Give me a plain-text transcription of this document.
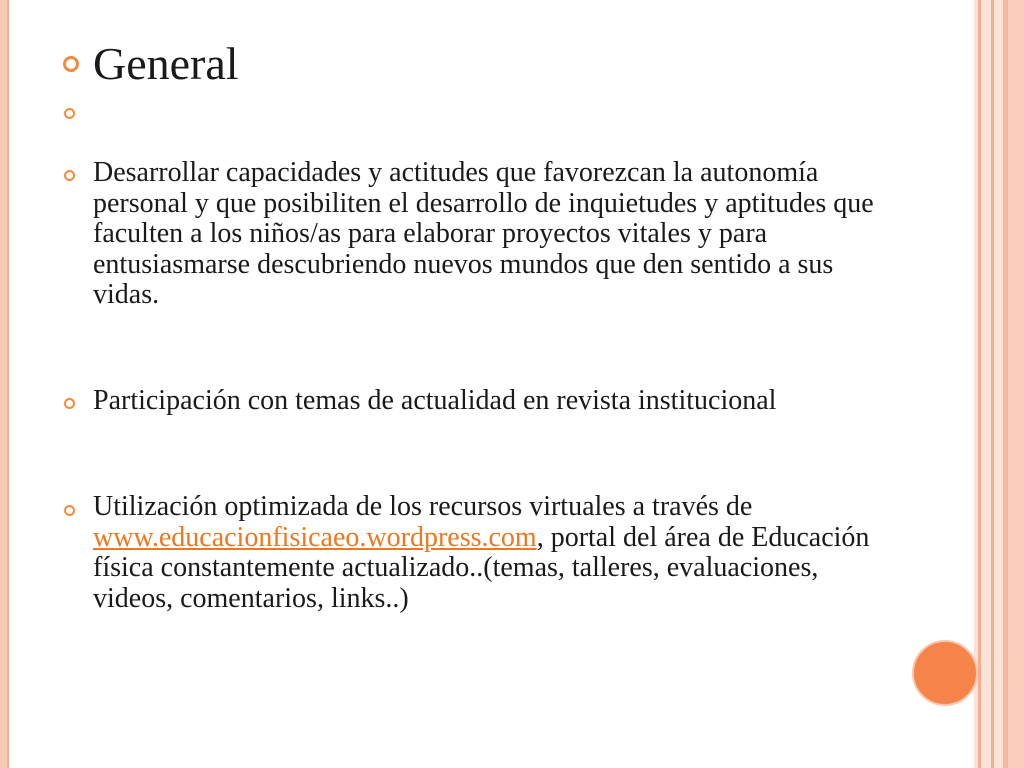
General
Desarrollar capacidades y actitudes que favorezcan la autonomía personal y que posibiliten el desarrollo de inquietudes y aptitudes que faculten a los niños/as para elaborar proyectos vitales y para entusiasmarse descubriendo nuevos mundos que den sentido a sus vidas.
Participación con temas de actualidad en revista institucional
Utilización optimizada de los recursos virtuales a través de www.educacionfisicaeo.wordpress.com, portal del área de Educación física constantemente actualizado..(temas, talleres, evaluaciones, videos, comentarios, links..)
